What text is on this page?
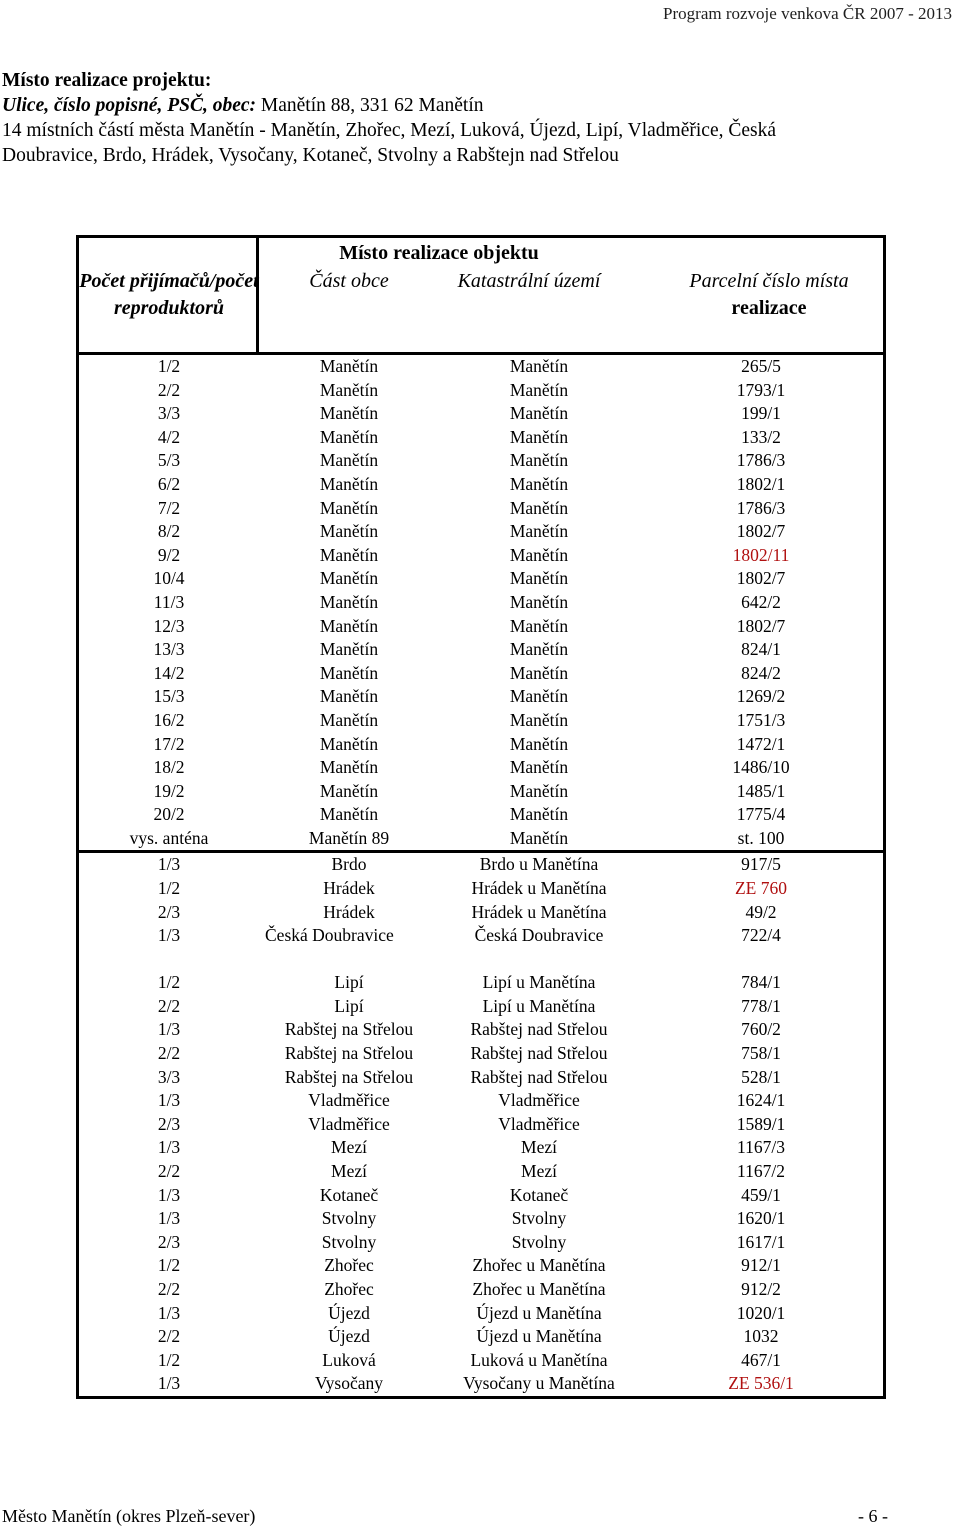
Program rozvoje venkova ČR 2007 - 2013
Místo realizace projektu:
Ulice, číslo popisné, PSČ, obec: Manětín 88, 331 62 Manětín
14 místních částí města Manětín - Manětín, Zhořec, Mezí, Luková, Újezd, Lipí, Vladměřice, Česká
Doubravice, Brdo, Hrádek, Vysočany, Kotaneč, Stvolny a Rabštejn nad Střelou
Počet přijímačů/počet reproduktorů
Místo realizace objektu
Část obce	Katastrální území	Parcelní číslo místa
realizace
1/2	Manětín	Manětín	265/5
2/2	Manětín	Manětín	1793/1
3/3	Manětín	Manětín	199/1
4/2	Manětín	Manětín	133/2
5/3	Manětín	Manětín	1786/3
6/2	Manětín	Manětín	1802/1
7/2	Manětín	Manětín	1786/3
8/2	Manětín	Manětín	1802/7
9/2	Manětín	Manětín	1802/11
10/4	Manětín	Manětín	1802/7
11/3	Manětín	Manětín	642/2
12/3	Manětín	Manětín	1802/7
13/3	Manětín	Manětín	824/1
14/2	Manětín	Manětín	824/2
15/3	Manětín	Manětín	1269/2
16/2	Manětín	Manětín	1751/3
17/2	Manětín	Manětín	1472/1
18/2	Manětín	Manětín	1486/10
19/2	Manětín	Manětín	1485/1
20/2	Manětín	Manětín	1775/4
vys. anténa	Manětín 89	Manětín	st. 100
1/3	Brdo	Brdo u Manětína	917/5
1/2	Hrádek	Hrádek u Manětína	ZE 760
2/3	Hrádek	Hrádek u Manětína	49/2
1/3	Česká Doubravice	Česká Doubravice	722/4
1/2	Lipí	Lipí u Manětína	784/1
2/2	Lipí	Lipí u Manětína	778/1
1/3	Rabštej na Střelou	Rabštej nad Střelou	760/2
2/2	Rabštej na Střelou	Rabštej nad Střelou	758/1
3/3	Rabštej na Střelou	Rabštej nad Střelou	528/1
1/3	Vladměřice	Vladměřice	1624/1
2/3	Vladměřice	Vladměřice	1589/1
1/3	Mezí	Mezí	1167/3
2/2	Mezí	Mezí	1167/2
1/3	Kotaneč	Kotaneč	459/1
1/3	Stvolny	Stvolny	1620/1
2/3	Stvolny	Stvolny	1617/1
1/2	Zhořec	Zhořec u Manětína	912/1
2/2	Zhořec	Zhořec u Manětína	912/2
1/3	Újezd	Újezd u Manětína	1020/1
2/2	Újezd	Újezd u Manětína	1032
1/2	Luková	Luková u Manětína	467/1
1/3	Vysočany	Vysočany u Manětína	ZE 536/1
Město Manětín (okres Plzeň-sever)	- 6 -
